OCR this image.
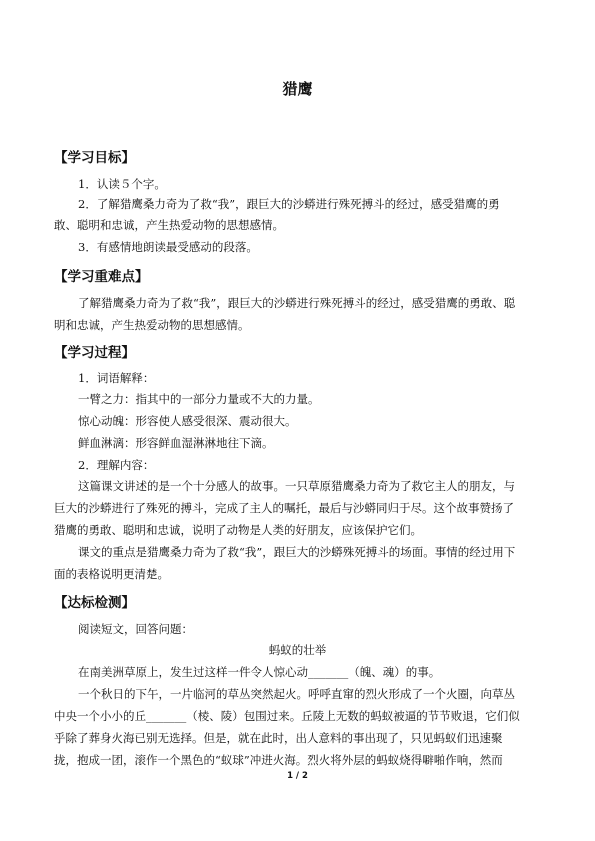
猎鹰
【学习目标】
1．认读５个字。
2．了解猎鹰桑力奇为了救“我”，跟巨大的沙蟒进行殊死搏斗的经过，感受猎鹰的勇
敢、聪明和忠诚，产生热爱动物的思想感情。
3．有感情地朗读最受感动的段落。
【学习重难点】
了解猎鹰桑力奇为了救“我”，跟巨大的沙蟒进行殊死搏斗的经过，感受猎鹰的勇敢、聪
明和忠诚，产生热爱动物的思想感情。
【学习过程】
1．词语解释：
一臂之力：指其中的一部分力量或不大的力量。
惊心动魄：形容使人感受很深、震动很大。
鲜血淋漓：形容鲜血湿淋淋地往下滴。
2．理解内容：
这篇课文讲述的是一个十分感人的故事。一只草原猎鹰桑力奇为了救它主人的朋友，与
巨大的沙蟒进行了殊死的搏斗，完成了主人的嘱托，最后与沙蟒同归于尽。这个故事赞扬了
猎鹰的勇敢、聪明和忠诚，说明了动物是人类的好朋友，应该保护它们。
课文的重点是猎鹰桑力奇为了救“我”，跟巨大的沙蟒殊死搏斗的场面。事情的经过用下
面的表格说明更清楚。
【达标检测】
阅读短文，回答问题：
蚂蚁的壮举
在南美洲草原上，发生过这样一件令人惊心动_______（魄、魂）的事。
一个秋日的下午，一片临河的草丛突然起火。呼呼直窜的烈火形成了一个火圈，向草丛
中央一个小小的丘_______（棱、陵）包围过来。丘陵上无数的蚂蚁被逼的节节败退，它们似
乎除了葬身火海已别无选择。但是，就在此时，出人意料的事出现了，只见蚂蚁们迅速聚
拢，抱成一团，滚作一个黑色的“蚁球”冲进火海。烈火将外层的蚂蚁烧得噼啪作响，然而
1 / 2
